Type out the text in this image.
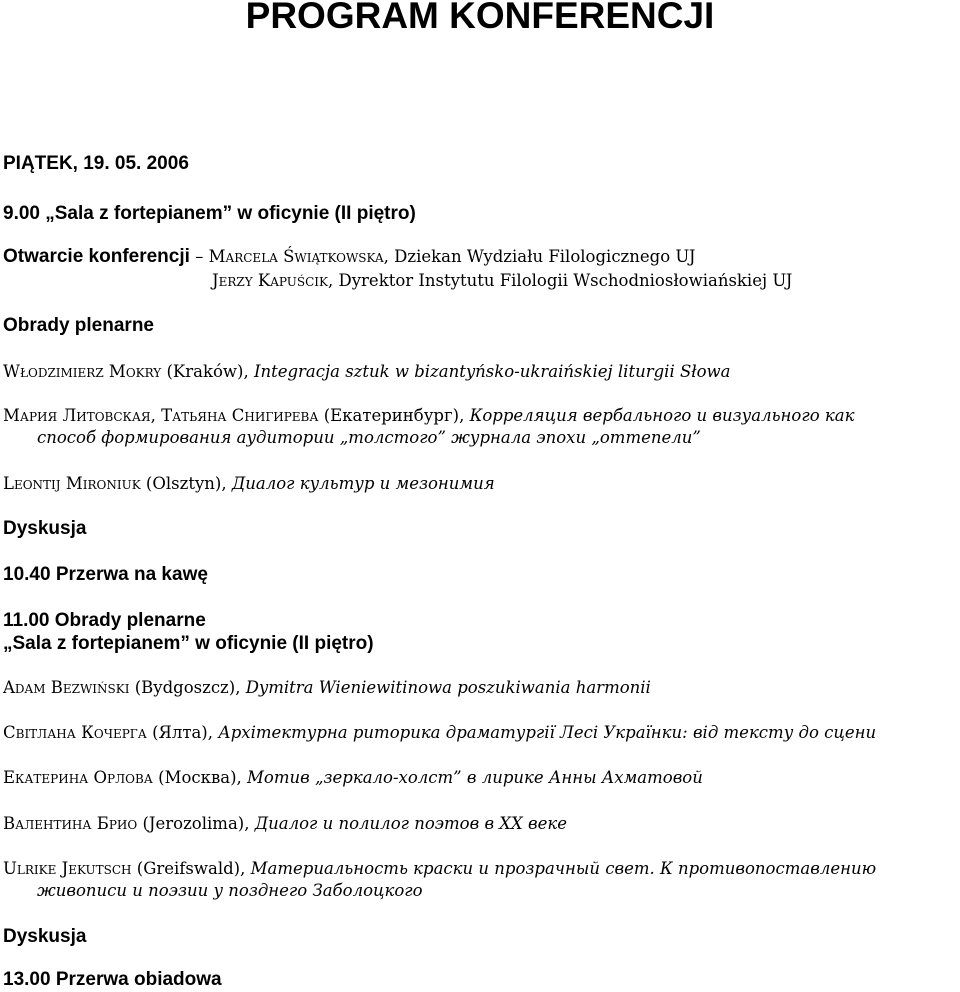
PROGRAM KONFERENCJI
PIĄTEK, 19. 05. 2006
9.00 „Sala z fortepianem” w oficynie (II piętro)
Otwarcie konferencji – Marcela Świątkowska, Dziekan Wydziału Filologicznego UJ
Jerzy Kapuścik, Dyrektor Instytutu Filologii Wschodniosłowiańskiej UJ
Obrady plenarne
Włodzimierz Mokry (Kraków), Integracja sztuk w bizantyńsko-ukraińskiej liturgii Słowa
Мария Литовская, Татьяна Снигирева (Екатеринбург), Корреляция вербального и визуального как
способ формирования аудитории „толстого” журнала эпохи „оттепели”
Leontij Mironiuk (Olsztyn), Диалог культур и мезонимия
Dyskusja
10.40 Przerwa na kawę
11.00 Obrady plenarne
„Sala z fortepianem” w oficynie (II piętro)
Adam Bezwiński (Bydgoszcz), Dymitra Wieniewitinowa poszukiwania harmonii
Світлана Кочерга (Ялта), Архітектурна риторика драматургії Лесі Українки: від тексту до сцени
Екатерина Орлова (Москва), Мотив „зеркало-холст” в лирике Анны Ахматовой
Валентина Брио (Jerozolima), Диалог и полилог поэтов в XX веке
Ulrike Jekutsch (Greifswald), Материальность краски и прозрачный свет. К противопоставлению
живописи и поэзии у позднего Заболоцкого
Dyskusja
13.00 Przerwa obiadowa
